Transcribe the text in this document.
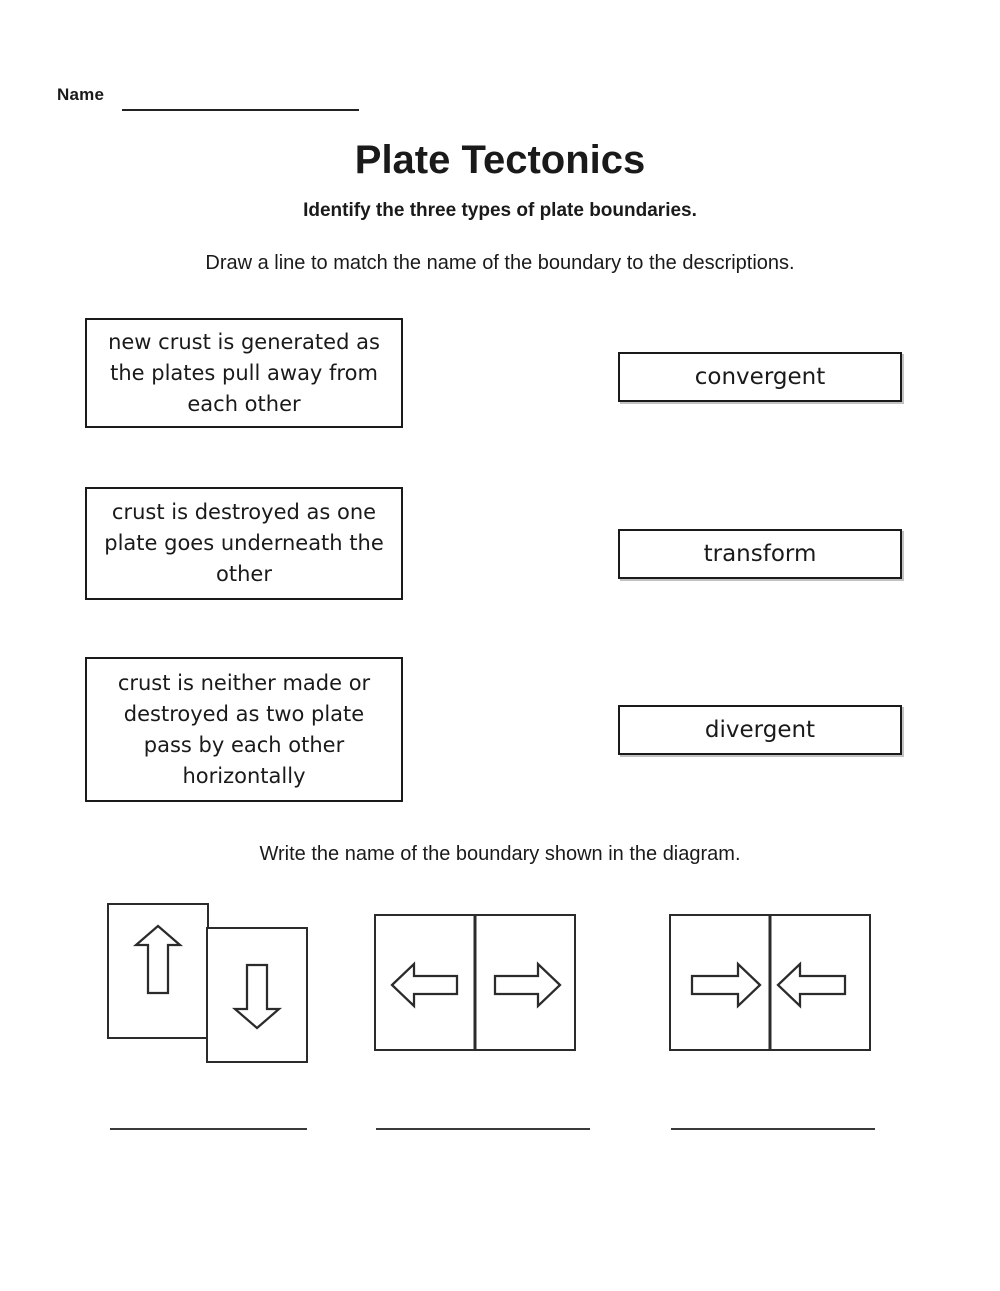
Name
Plate Tectonics
Identify the three types of plate boundaries.

Draw a line to match the name of the boundary to the descriptions.

new crust is generated as the plates pull away from each other
crust is destroyed as one plate goes underneath the other
crust is neither made or destroyed as two plate pass by each other horizontally
convergent
transform
divergent

Write the name of the boundary shown in the diagram.
